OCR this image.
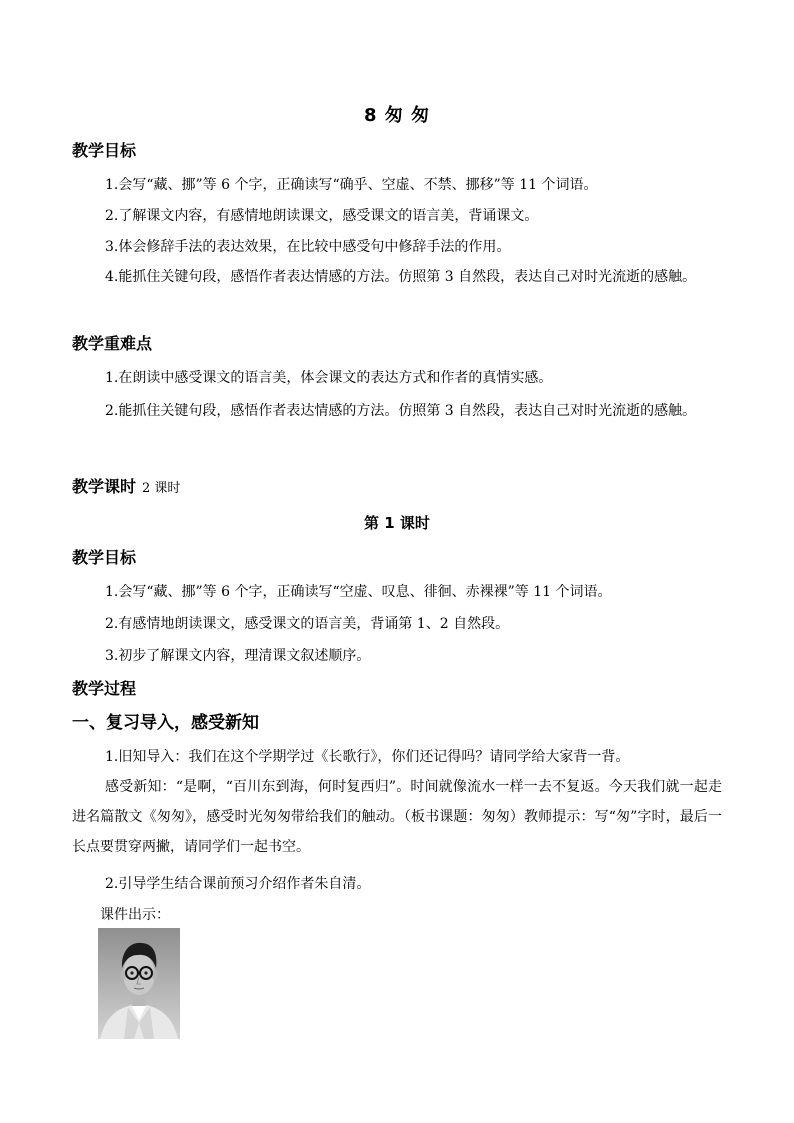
8 匆 匆
教学目标
1.会写“藏、挪”等 6 个字，正确读写“确乎、空虚、不禁、挪移”等 11 个词语。
2.了解课文内容，有感情地朗读课文，感受课文的语言美，背诵课文。
3.体会修辞手法的表达效果，在比较中感受句中修辞手法的作用。
4.能抓住关键句段，感悟作者表达情感的方法。仿照第 3 自然段，表达自己对时光流逝的感触。
教学重难点
1.在朗读中感受课文的语言美，体会课文的表达方式和作者的真情实感。
2.能抓住关键句段，感悟作者表达情感的方法。仿照第 3 自然段，表达自己对时光流逝的感触。
教学课时 2 课时
第 1 课时
教学目标
1.会写“藏、挪”等 6 个字，正确读写“空虚、叹息、徘徊、赤裸裸”等 11 个词语。
2.有感情地朗读课文，感受课文的语言美，背诵第 1、2 自然段。
3.初步了解课文内容，理清课文叙述顺序。
教学过程
一、复习导入，感受新知
1.旧知导入：我们在这个学期学过《长歌行》，你们还记得吗？请同学给大家背一背。
感受新知：“是啊，“百川东到海，何时复西归”。时间就像流水一样一去不复返。今天我们就一起走进名篇散文《匆匆》，感受时光匆匆带给我们的触动。（板书课题：匆匆）教师提示：写“匆”字时，最后一长点要贯穿两撇，请同学们一起书空。
2.引导学生结合课前预习介绍作者朱自清。
课件出示：
